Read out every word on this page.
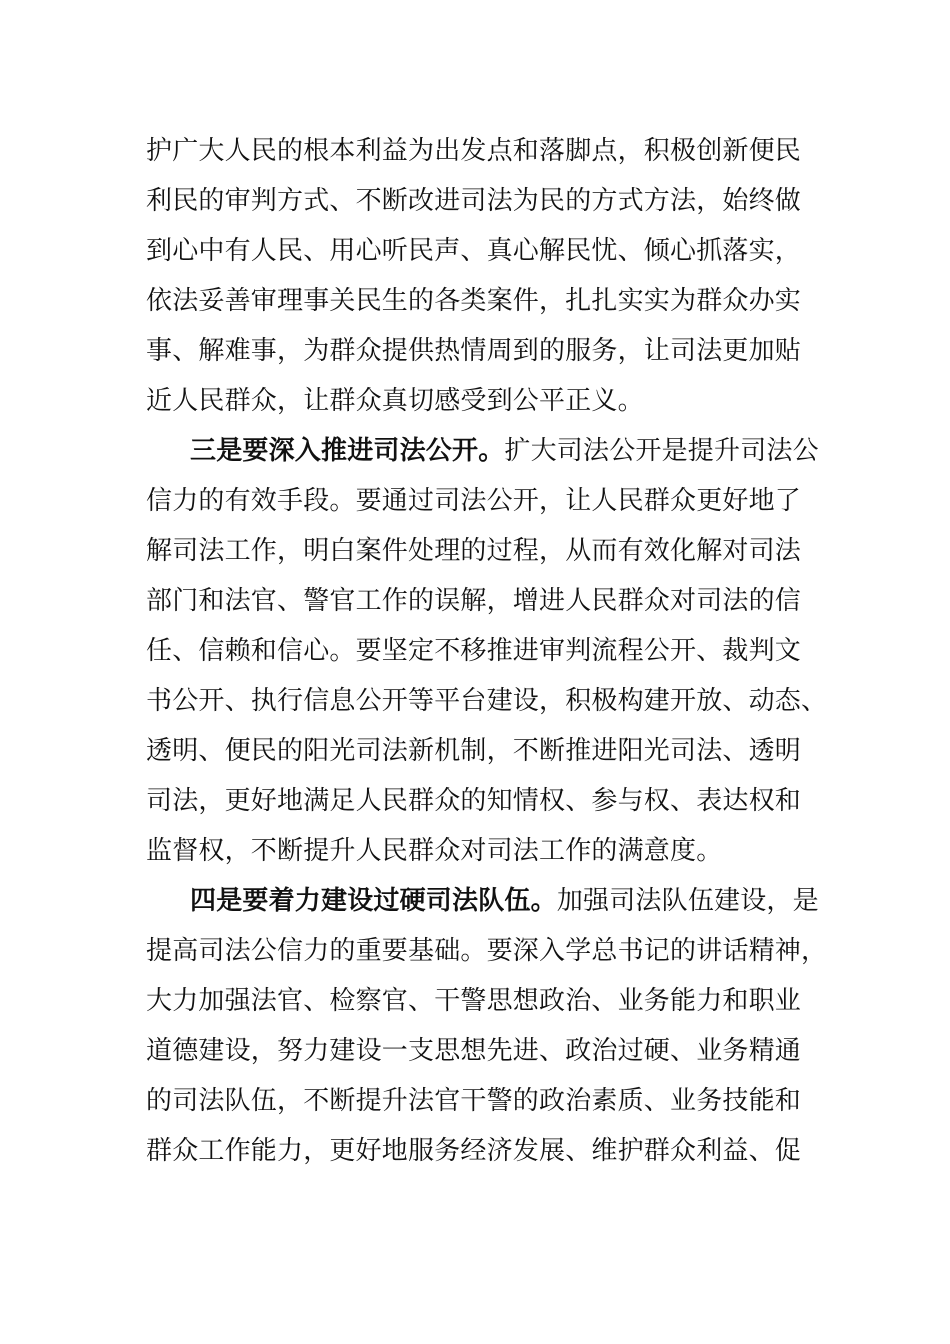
护广大人民的根本利益为出发点和落脚点，积极创新便民
利民的审判方式、不断改进司法为民的方式方法，始终做
到心中有人民、用心听民声、真心解民忧、倾心抓落实，
依法妥善审理事关民生的各类案件，扎扎实实为群众办实
事、解难事，为群众提供热情周到的服务，让司法更加贴
近人民群众，让群众真切感受到公平正义。
三是要深入推进司法公开。扩大司法公开是提升司法公
信力的有效手段。要通过司法公开，让人民群众更好地了
解司法工作，明白案件处理的过程，从而有效化解对司法
部门和法官、警官工作的误解，增进人民群众对司法的信
任、信赖和信心。要坚定不移推进审判流程公开、裁判文
书公开、执行信息公开等平台建设，积极构建开放、动态、
透明、便民的阳光司法新机制，不断推进阳光司法、透明
司法，更好地满足人民群众的知情权、参与权、表达权和
监督权，不断提升人民群众对司法工作的满意度。
四是要着力建设过硬司法队伍。加强司法队伍建设，是
提高司法公信力的重要基础。要深入学总书记的讲话精神，
大力加强法官、检察官、干警思想政治、业务能力和职业
道德建设，努力建设一支思想先进、政治过硬、业务精通
的司法队伍，不断提升法官干警的政治素质、业务技能和
群众工作能力，更好地服务经济发展、维护群众利益、促
